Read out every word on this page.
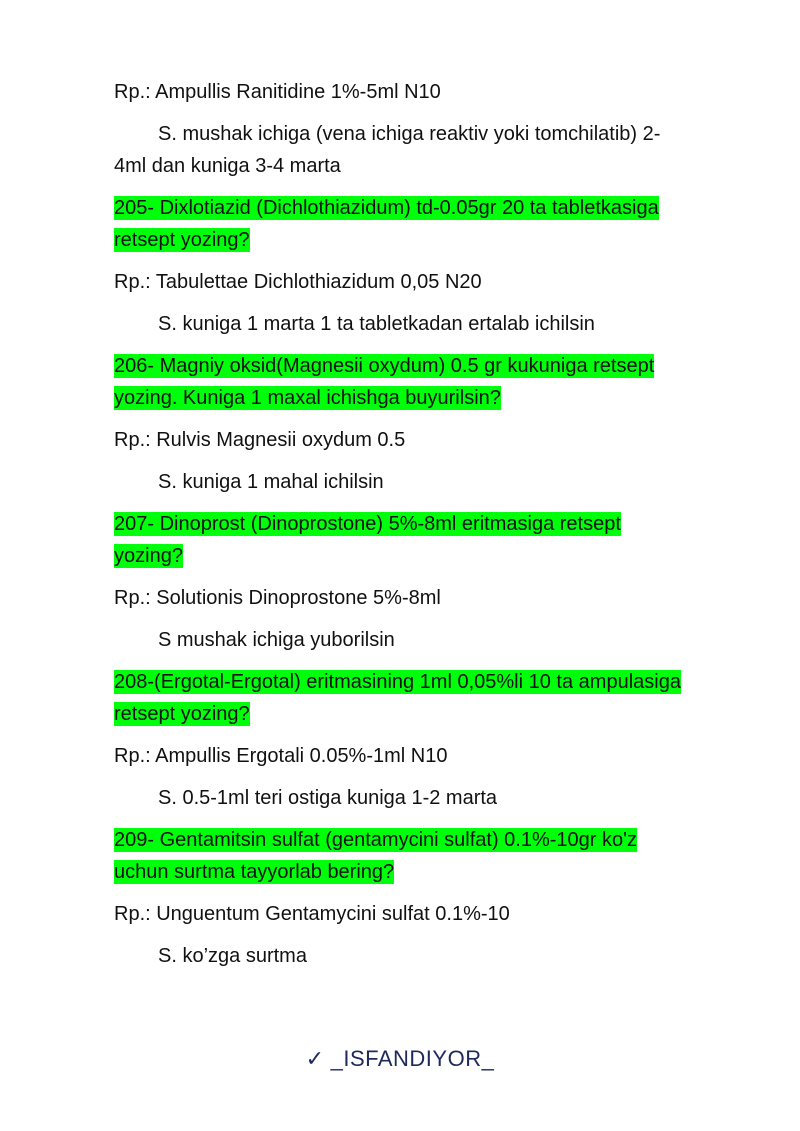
Rp.: Ampullis Ranitidine 1%-5ml N10

S. mushak ichiga (vena ichiga reaktiv yoki tomchilatib) 2-

4ml dan kuniga 3-4 marta

205- Dixlotiazid (Dichlothiazidum) td-0.05gr 20 ta tabletkasiga
retsept yozing?

Rp.: Tabulettae Dichlothiazidum 0,05 N20

S. kuniga 1 marta 1 ta tabletkadan ertalab ichilsin

206- Magniy oksid(Magnesii oxydum) 0.5 gr kukuniga retsept
yozing. Kuniga 1 maxal ichishga buyurilsin?

Rp.: Rulvis Magnesii oxydum 0.5

S. kuniga 1 mahal ichilsin

207- Dinoprost (Dinoprostone) 5%-8ml eritmasiga retsept
yozing?

Rp.: Solutionis Dinoprostone 5%-8ml

S mushak ichiga yuborilsin

208-(Ergotal-Ergotal) eritmasining 1ml 0,05%li 10 ta ampulasiga
retsept yozing?

Rp.: Ampullis Ergotali 0.05%-1ml N10

S. 0.5-1ml teri ostiga kuniga 1-2 marta

209- Gentamitsin sulfat (gentamycini sulfat) 0.1%-10gr ko'z
uchun surtma tayyorlab bering?

Rp.: Unguentum Gentamycini sulfat 0.1%-10

S. ko’zga surtma

✓ _ISFANDIYOR_
